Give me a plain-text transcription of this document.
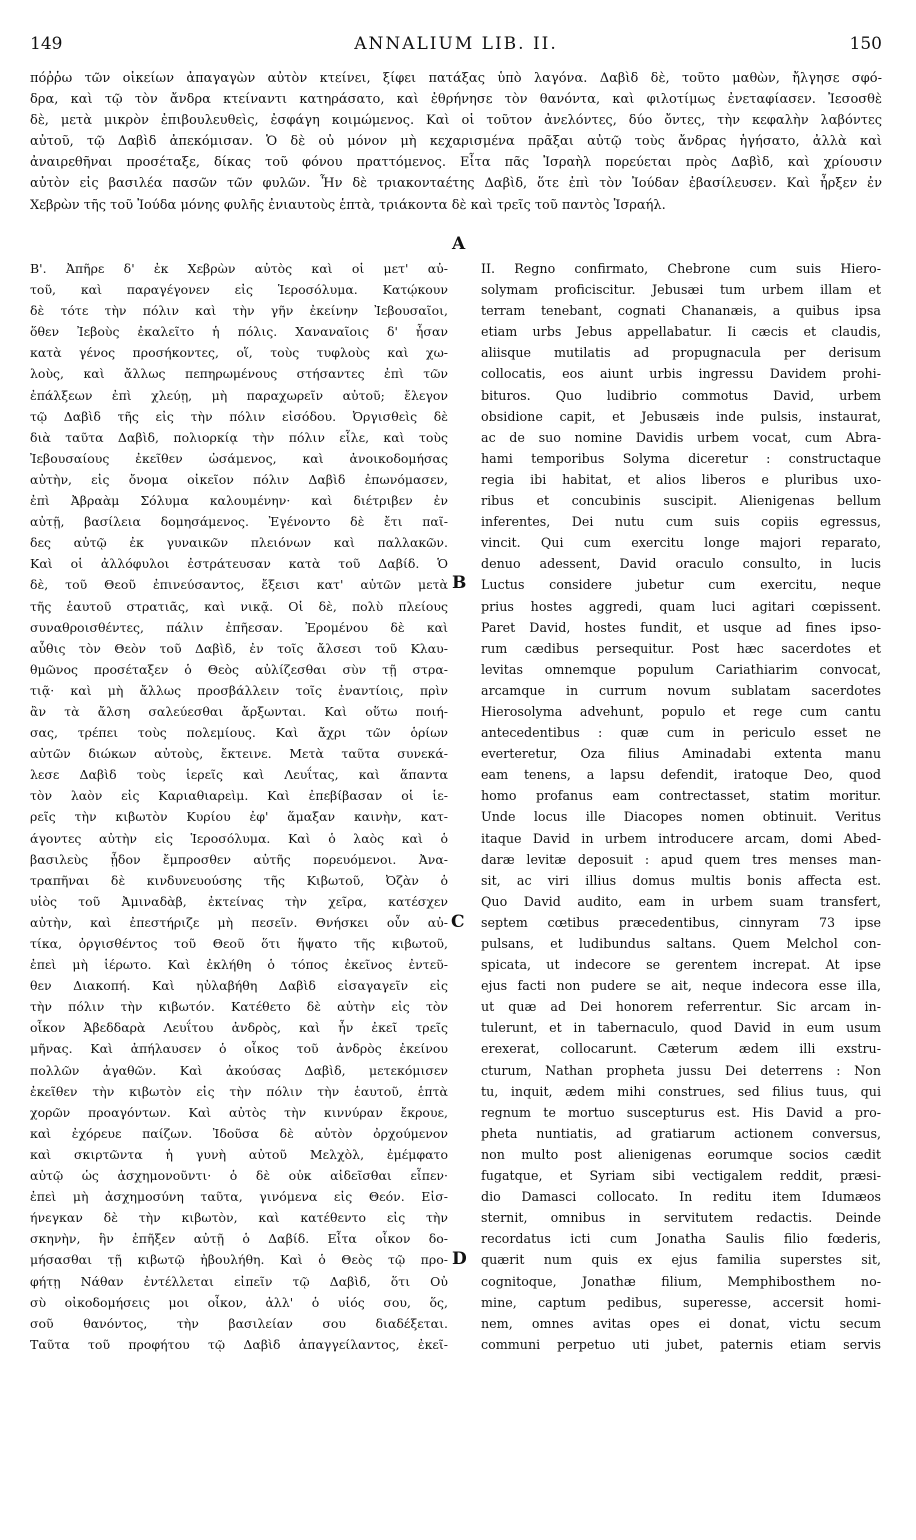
149	ANNALIUM LIB. II.	150
πόῤῥω τῶν οἰκείων ἀπαγαγὼν αὐτὸν κτείνει, ξίφει πατάξας ὑπὸ λαγόνα. Δαβὶδ δὲ, τοῦτο μαθὼν, ἤλγησε σφό-
δρα, καὶ τῷ τὸν ἄνδρα κτείναντι κατηράσατο, καὶ ἐθρήνησε τὸν θανόντα, καὶ φιλοτίμως ἐνεταφίασεν. Ἰεσοσθὲ
δὲ, μετὰ μικρὸν ἐπιβουλευθεὶς, ἐσφάγη κοιμώμενος. Καὶ οἱ τοῦτον ἀνελόντες, δύο ὄντες, τὴν κεφαλὴν λαβόντες
αὐτοῦ, τῷ Δαβὶδ ἀπεκόμισαν. Ὁ δὲ οὐ μόνον μὴ κεχαρισμένα πρᾶξαι αὐτῷ τοὺς ἄνδρας ἡγήσατο, ἀλλὰ καὶ
ἀναιρεθῆναι προσέταξε, δίκας τοῦ φόνου πραττόμενος. Εἶτα πᾶς Ἰσραὴλ πορεύεται πρὸς Δαβὶδ, καὶ χρίουσιν
αὐτὸν εἰς βασιλέα πασῶν τῶν φυλῶν. Ἦν δὲ τριακονταέτης Δαβὶδ, ὅτε ἐπὶ τὸν Ἰούδαν ἐβασίλευσεν. Καὶ ἦρξεν ἐν
Χεβρὼν τῆς τοῦ Ἰούδα μόνης φυλῆς ἐνιαυτοὺς ἑπτὰ, τριάκοντα δὲ καὶ τρεῖς τοῦ παντὸς Ἰσραήλ.
Β'. Ἀπῆρε δ' ἐκ Χεβρὼν αὐτὸς καὶ οἱ μετ' αὐ-
τοῦ, καὶ παραγέγονεν εἰς Ἱεροσόλυμα. Κατῴκουν
δὲ τότε τὴν πόλιν καὶ τὴν γῆν ἐκείνην Ἰεβουσαῖοι,
ὅθεν Ἰεβοὺς ἐκαλεῖτο ἡ πόλις. Χαναναῖοις δ' ἦσαν
κατὰ γένος προσήκοντες, οἵ, τοὺς τυφλοὺς καὶ χω-
λοὺς, καὶ ἄλλως πεπηρωμένους στήσαντες ἐπὶ τῶν
ἐπάλξεων ἐπὶ χλεύῃ, μὴ παραχωρεῖν αὐτοῦ; ἔλεγον
τῷ Δαβὶδ τῆς εἰς τὴν πόλιν εἰσόδου. Ὀργισθεὶς δὲ
διὰ ταῦτα Δαβὶδ, πολιορκίᾳ τὴν πόλιν εἷλε, καὶ τοὺς
Ἰεβουσαίους ἐκεῖθεν ὠσάμενος, καὶ ἀνοικοδομήσας
αὐτὴν, εἰς ὄνομα οἰκεῖον πόλιν Δαβὶδ ἐπωνόμασεν,
ἐπὶ Ἀβραὰμ Σόλυμα καλουμένην· καὶ διέτριβεν ἐν
αὐτῇ, βασίλεια δομησάμενος. Ἐγένοντο δὲ ἔτι παῖ-
δες αὐτῷ ἐκ γυναικῶν πλειόνων καὶ παλλακῶν.
Καὶ οἱ ἀλλόφυλοι ἐστράτευσαν κατὰ τοῦ Δαβίδ. Ὁ
δὲ, τοῦ Θεοῦ ἐπινεύσαντος, ἔξεισι κατ' αὐτῶν μετὰ
τῆς ἑαυτοῦ στρατιᾶς, καὶ νικᾷ. Οἱ δὲ, πολὺ πλείους
συναθροισθέντες, πάλιν ἐπῆεσαν. Ἐρομένου δὲ καὶ
αὖθις τὸν Θεὸν τοῦ Δαβὶδ, ἐν τοῖς ἄλσεσι τοῦ Κλαυ-
θμῶνος προσέταξεν ὁ Θεὸς αὐλίζεσθαι σὺν τῇ στρα-
τιᾷ· καὶ μὴ ἄλλως προσβάλλειν τοῖς ἐναντίοις, πρὶν
ἂν τὰ ἄλση σαλεύεσθαι ἄρξωνται. Καὶ οὕτω ποιή-
σας, τρέπει τοὺς πολεμίους. Καὶ ἄχρι τῶν ὁρίων
αὐτῶν διώκων αὐτοὺς, ἔκτεινε. Μετὰ ταῦτα συνεκά-
λεσε Δαβὶδ τοὺς ἱερεῖς καὶ Λευΐτας, καὶ ἅπαντα
τὸν λαὸν εἰς Καριαθιαρεὶμ. Καὶ ἐπεβίβασαν οἱ ἱε-
ρεῖς τὴν κιβωτὸν Κυρίου ἐφ' ἅμαξαν καινὴν, κατ-
άγοντες αὐτὴν εἰς Ἱεροσόλυμα. Καὶ ὁ λαὸς καὶ ὁ
βασιλεὺς ᾖδον ἔμπροσθεν αὐτῆς πορευόμενοι. Ἀνα-
τραπῆναι δὲ κινδυνευούσης τῆς Κιβωτοῦ, Ὀζὰν ὁ
υἱὸς τοῦ Ἀμιναδὰβ, ἐκτείνας τὴν χεῖρα, κατέσχεν
αὐτὴν, καὶ ἐπεστήριζε μὴ πεσεῖν. Θνήσκει οὖν αὐ-
τίκα, ὀργισθέντος τοῦ Θεοῦ ὅτι ἥψατο τῆς κιβωτοῦ,
ἐπεὶ μὴ ἱέρωτο. Καὶ ἐκλήθη ὁ τόπος ἐκεῖνος ἐντεῦ-
θεν Διακοπή. Καὶ ηὐλαβήθη Δαβὶδ εἰσαγαγεῖν εἰς
τὴν πόλιν τὴν κιβωτόν. Κατέθετο δὲ αὐτὴν εἰς τὸν
οἶκον Ἀβεδδαρὰ Λευΐτου ἀνδρὸς, καὶ ἦν ἐκεῖ τρεῖς
μῆνας. Καὶ ἀπήλαυσεν ὁ οἶκος τοῦ ἀνδρὸς ἐκείνου
πολλῶν ἀγαθῶν. Καὶ ἀκούσας Δαβὶδ, μετεκόμισεν
ἐκεῖθεν τὴν κιβωτὸν εἰς τὴν πόλιν τὴν ἑαυτοῦ, ἑπτὰ
χορῶν προαγόντων. Καὶ αὐτὸς τὴν κιννύραν ἔκρουε,
καὶ ἐχόρευε παίζων. Ἰδοῦσα δὲ αὐτὸν ὀρχούμενον
καὶ σκιρτῶντα ἡ γυνὴ αὐτοῦ Μελχὸλ, ἐμέμφατο
αὐτῷ ὡς ἀσχημονοῦντι· ὁ δὲ οὐκ αἰδεῖσθαι εἶπεν·
ἐπεὶ μὴ ἀσχημοσύνη ταῦτα, γινόμενα εἰς Θεόν. Εἰσ-
ήνεγκαν δὲ τὴν κιβωτὸν, καὶ κατέθεντο εἰς τὴν
σκηνὴν, ἣν ἐπῆξεν αὐτῇ ὁ Δαβίδ. Εἶτα οἶκον δο-
μήσασθαι τῇ κιβωτῷ ἠβουλήθη. Καὶ ὁ Θεὸς τῷ προ-
φήτῃ Νάθαν ἐντέλλεται εἰπεῖν τῷ Δαβὶδ, ὅτι Οὐ
σὺ οἰκοδομήσεις μοι οἶκον, ἀλλ' ὁ υἱός σου, ὅς,
σοῦ θανόντος, τὴν βασιλείαν σου διαδέξεται.
Ταῦτα τοῦ προφήτου τῷ Δαβὶδ ἀπαγγείλαντος, ἐκεῖ-
II. Regno confirmato, Chebrone cum suis Hiero-
solymam proficiscitur. Jebusæi tum urbem illam et
terram tenebant, cognati Chananæis, a quibus ipsa
etiam urbs Jebus appellabatur. Ii cæcis et claudis,
aliisque mutilatis ad propugnacula per derisum
collocatis, eos aiunt urbis ingressu Davidem prohi-
bituros. Quo ludibrio commotus David, urbem
obsidione capit, et Jebusæis inde pulsis, instaurat,
ac de suo nomine Davidis urbem vocat, cum Abra-
hami temporibus Solyma diceretur : constructaque
regia ibi habitat, et alios liberos e pluribus uxo-
ribus et concubinis suscipit. Alienigenas bellum
inferentes, Dei nutu cum suis copiis egressus,
vincit. Qui cum exercitu longe majori reparato,
denuo adessent, David oraculo consulto, in lucis
Luctus considere jubetur cum exercitu, neque
prius hostes aggredi, quam luci agitari cœpissent.
Paret David, hostes fundit, et usque ad fines ipso-
rum cædibus persequitur. Post hæc sacerdotes et
levitas omnemque populum Cariathiarim convocat,
arcamque in currum novum sublatam sacerdotes
Hierosolyma advehunt, populo et rege cum cantu
antecedentibus : quæ cum in periculo esset ne
everteretur, Oza filius Aminadabi extenta manu
eam tenens, a lapsu defendit, iratoque Deo, quod
homo profanus eam contrectasset, statim moritur.
Unde locus ille Diacopes nomen obtinuit. Veritus
itaque David in urbem introducere arcam, domi Abed-
daræ levitæ deposuit : apud quem tres menses man-
sit, ac viri illius domus multis bonis affecta est.
Quo David audito, eam in urbem suam transfert,
septem cœtibus præcedentibus, cinnyram 73 ipse
pulsans, et ludibundus saltans. Quem Melchol con-
spicata, ut indecore se gerentem increpat. At ipse
ejus facti non pudere se ait, neque indecora esse illa,
ut quæ ad Dei honorem referrentur. Sic arcam in-
tulerunt, et in tabernaculo, quod David in eum usum
erexerat, collocarunt. Cæterum ædem illi exstru-
cturum, Nathan propheta jussu Dei deterrens : Non
tu, inquit, ædem mihi construes, sed filius tuus, qui
regnum te mortuo suscepturus est. His David a pro-
pheta nuntiatis, ad gratiarum actionem conversus,
non multo post alienigenas eorumque socios cædit
fugatque, et Syriam sibi vectigalem reddit, præsi-
dio Damasci collocato. In reditu item Idumæos
sternit, omnibus in servitutem redactis. Deinde
recordatus icti cum Jonatha Saulis filio fœderis,
quærit num quis ex ejus familia superstes sit,
cognitoque, Jonathæ filium, Memphibosthem no-
mine, captum pedibus, superesse, accersit homi-
nem, omnes avitas opes ei donat, victu secum
communi perpetuo uti jubet, paternis etiam servis
A
B
C
D
